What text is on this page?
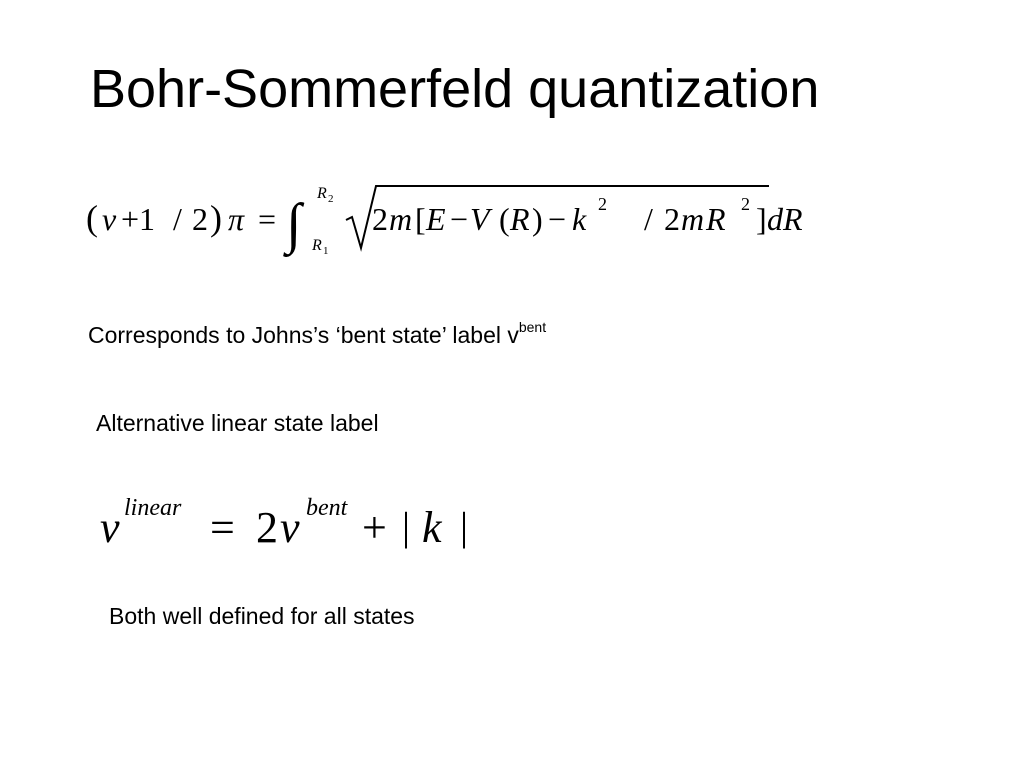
Bohr-Sommerfeld quantization
( v +1 / 2 ) π = ∫ R 2
R 1
2 m [ E − V ( R ) − k 2 / 2 m R 2 ] dR
Corresponds to Johns’s ‘bent state’ label $v^{bent}$
Alternative linear state label
v linear = 2 v bent + | k |
Both well defined for all states
